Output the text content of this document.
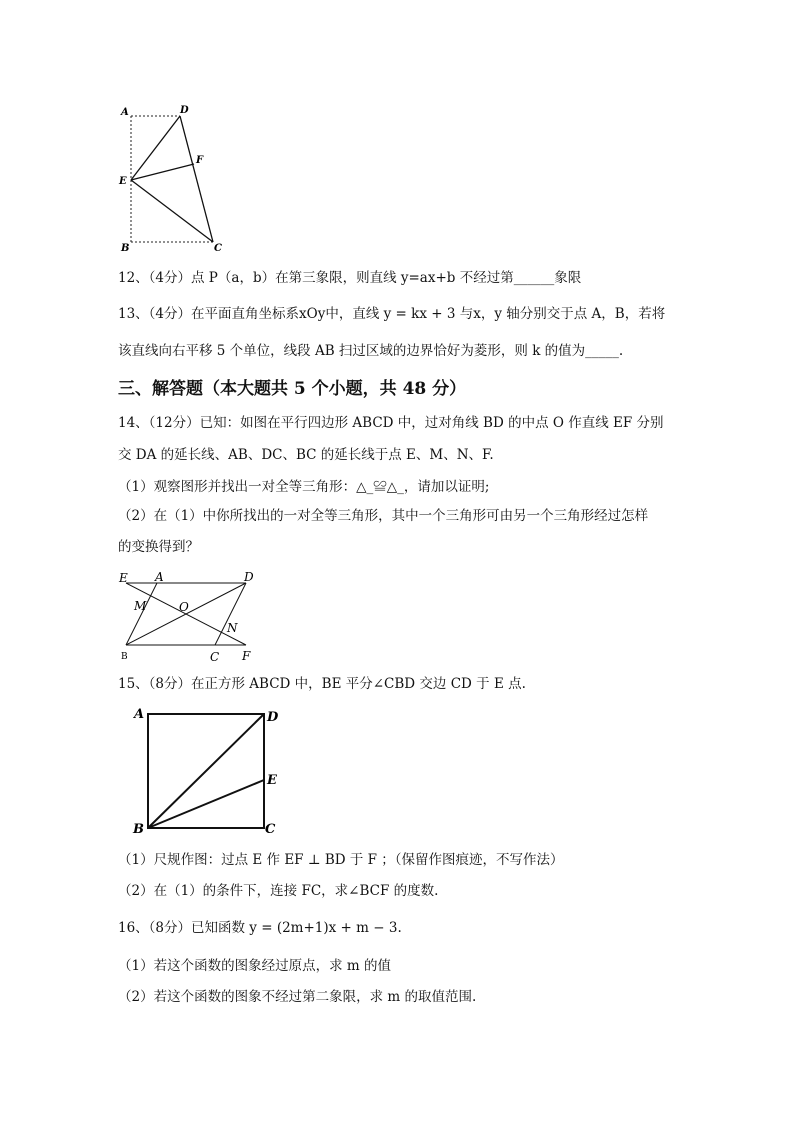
A	D
F
E
B	C
12、（4分）点 P（a，b）在第三象限，则直线 y=ax+b 不经过第______象限
13、（4分）在平面直角坐标系xOy中，直线 y = kx + 3 与x，y 轴分别交于点 A，B，若将
该直线向右平移 5 个单位，线段 AB 扫过区域的边界恰好为菱形，则 k 的值为_____.
三、解答题（本大题共 5 个小题，共 48 分）
14、（12分）已知：如图在平行四边形 ABCD 中，过对角线 BD 的中点 O 作直线 EF 分别
交 DA 的延长线、AB、DC、BC 的延长线于点 E、M、N、F.
（1）观察图形并找出一对全等三角形：△_≌△_，请加以证明;
（2）在（1）中你所找出的一对全等三角形，其中一个三角形可由另一个三角形经过怎样
的变换得到？
E A	D
M	O
N
B	C F
15、（8分）在正方形 ABCD 中，BE 平分∠CBD 交边 CD 于 E 点.
A	D
E
B	C
（1）尺规作图：过点 E 作 EF ⊥ BD 于 F ；（保留作图痕迹，不写作法）
（2）在（1）的条件下，连接 FC，求∠BCF 的度数.
16、（8分）已知函数 y = (2m+1)x + m − 3.
（1）若这个函数的图象经过原点，求 m 的值
（2）若这个函数的图象不经过第二象限，求 m 的取值范围.
